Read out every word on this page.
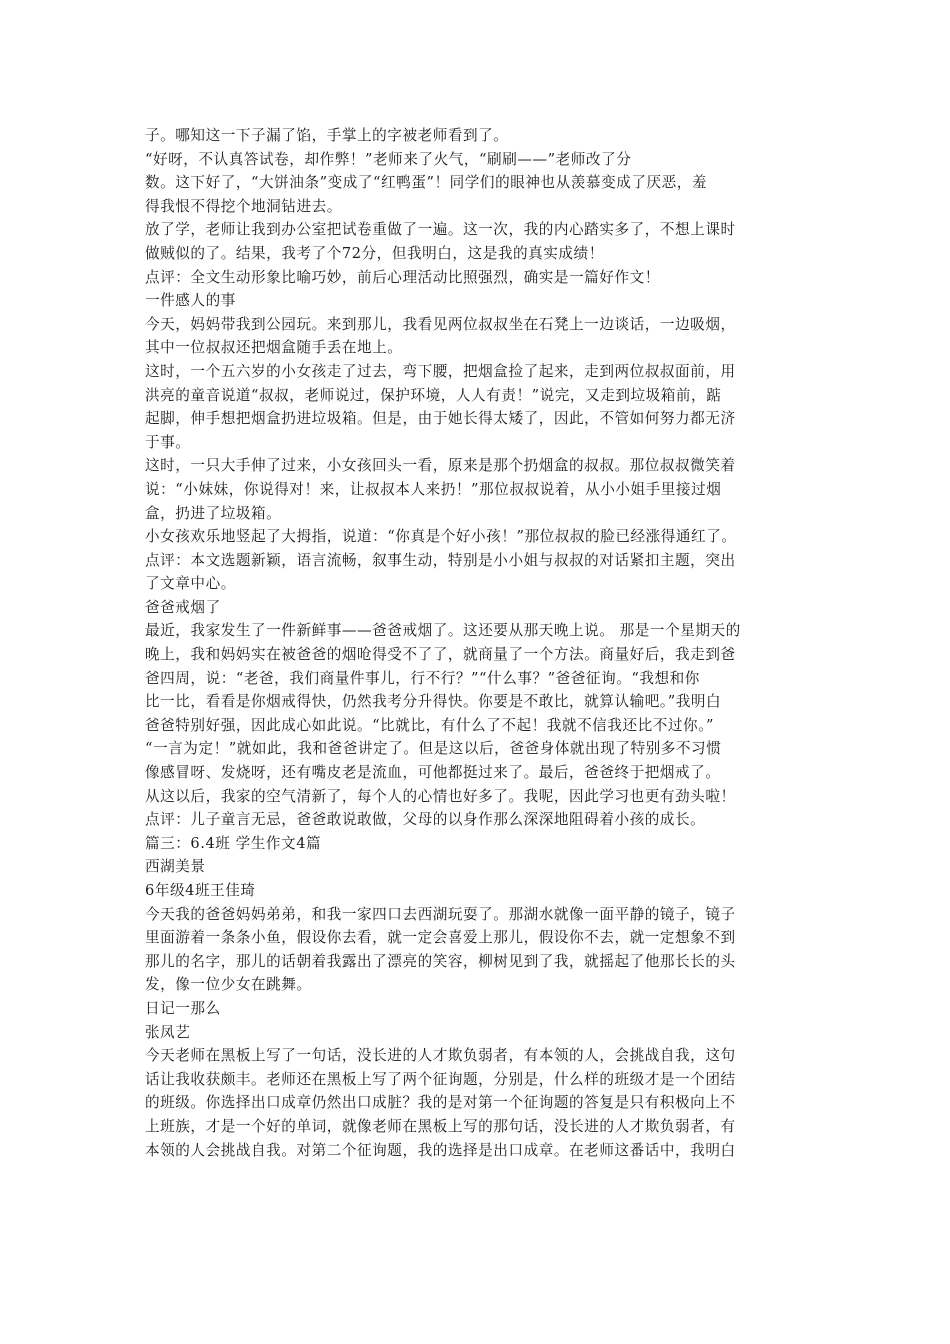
子。哪知这一下子漏了馅，手掌上的字被老师看到了。
“好呀，不认真答试卷，却作弊！”老师来了火气，“刷刷——”老师改了分
数。这下好了，“大饼油条”变成了“红鸭蛋”！同学们的眼神也从羡慕变成了厌恶，羞
得我恨不得挖个地洞钻进去。
放了学，老师让我到办公室把试卷重做了一遍。这一次，我的内心踏实多了，不想上课时
做贼似的了。结果，我考了个72分，但我明白，这是我的真实成绩！
点评：全文生动形象比喻巧妙，前后心理活动比照强烈，确实是一篇好作文！
一件感人的事
今天，妈妈带我到公园玩。来到那儿，我看见两位叔叔坐在石凳上一边谈话，一边吸烟，
其中一位叔叔还把烟盒随手丢在地上。
这时，一个五六岁的小女孩走了过去，弯下腰，把烟盒捡了起来，走到两位叔叔面前，用
洪亮的童音说道“叔叔，老师说过，保护环境，人人有责！”说完，又走到垃圾箱前，踮
起脚，伸手想把烟盒扔进垃圾箱。但是，由于她长得太矮了，因此，不管如何努力都无济
于事。
这时，一只大手伸了过来，小女孩回头一看，原来是那个扔烟盒的叔叔。那位叔叔微笑着
说：“小妹妹，你说得对！来，让叔叔本人来扔！”那位叔叔说着，从小小姐手里接过烟
盒，扔进了垃圾箱。
小女孩欢乐地竖起了大拇指，说道：“你真是个好小孩！”那位叔叔的脸已经涨得通红了。
点评：本文选题新颖，语言流畅，叙事生动，特别是小小姐与叔叔的对话紧扣主题，突出
了文章中心。
爸爸戒烟了
最近，我家发生了一件新鲜事——爸爸戒烟了。这还要从那天晚上说。 那是一个星期天的
晚上，我和妈妈实在被爸爸的烟呛得受不了了，就商量了一个方法。商量好后，我走到爸
爸四周，说：“老爸，我们商量件事儿，行不行？”“什么事？”爸爸征询。“我想和你
比一比，看看是你烟戒得快，仍然我考分升得快。你要是不敢比，就算认输吧。”我明白
爸爸特别好强，因此成心如此说。“比就比，有什么了不起！我就不信我还比不过你。”
“一言为定！”就如此，我和爸爸讲定了。但是这以后，爸爸身体就出现了特别多不习惯
像感冒呀、发烧呀，还有嘴皮老是流血，可他都挺过来了。最后，爸爸终于把烟戒了。
从这以后，我家的空气清新了，每个人的心情也好多了。我呢，因此学习也更有劲头啦！
点评：儿子童言无忌，爸爸敢说敢做，父母的以身作那么深深地阻碍着小孩的成长。
篇三：6.4班 学生作文4篇
西湖美景
6年级4班王佳琦
今天我的爸爸妈妈弟弟，和我一家四口去西湖玩耍了。那湖水就像一面平静的镜子，镜子
里面游着一条条小鱼，假设你去看，就一定会喜爱上那儿，假设你不去，就一定想象不到
那儿的名字，那儿的话朝着我露出了漂亮的笑容，柳树见到了我，就摇起了他那长长的头
发，像一位少女在跳舞。
日记一那么
张凤艺
今天老师在黑板上写了一句话，没长进的人才欺负弱者，有本领的人，会挑战自我，这句
话让我收获颇丰。老师还在黑板上写了两个征询题，分别是，什么样的班级才是一个团结
的班级。你选择出口成章仍然出口成脏？我的是对第一个征询题的答复是只有积极向上不
上班族，才是一个好的单词，就像老师在黑板上写的那句话，没长进的人才欺负弱者，有
本领的人会挑战自我。对第二个征询题，我的选择是出口成章。在老师这番话中，我明白
